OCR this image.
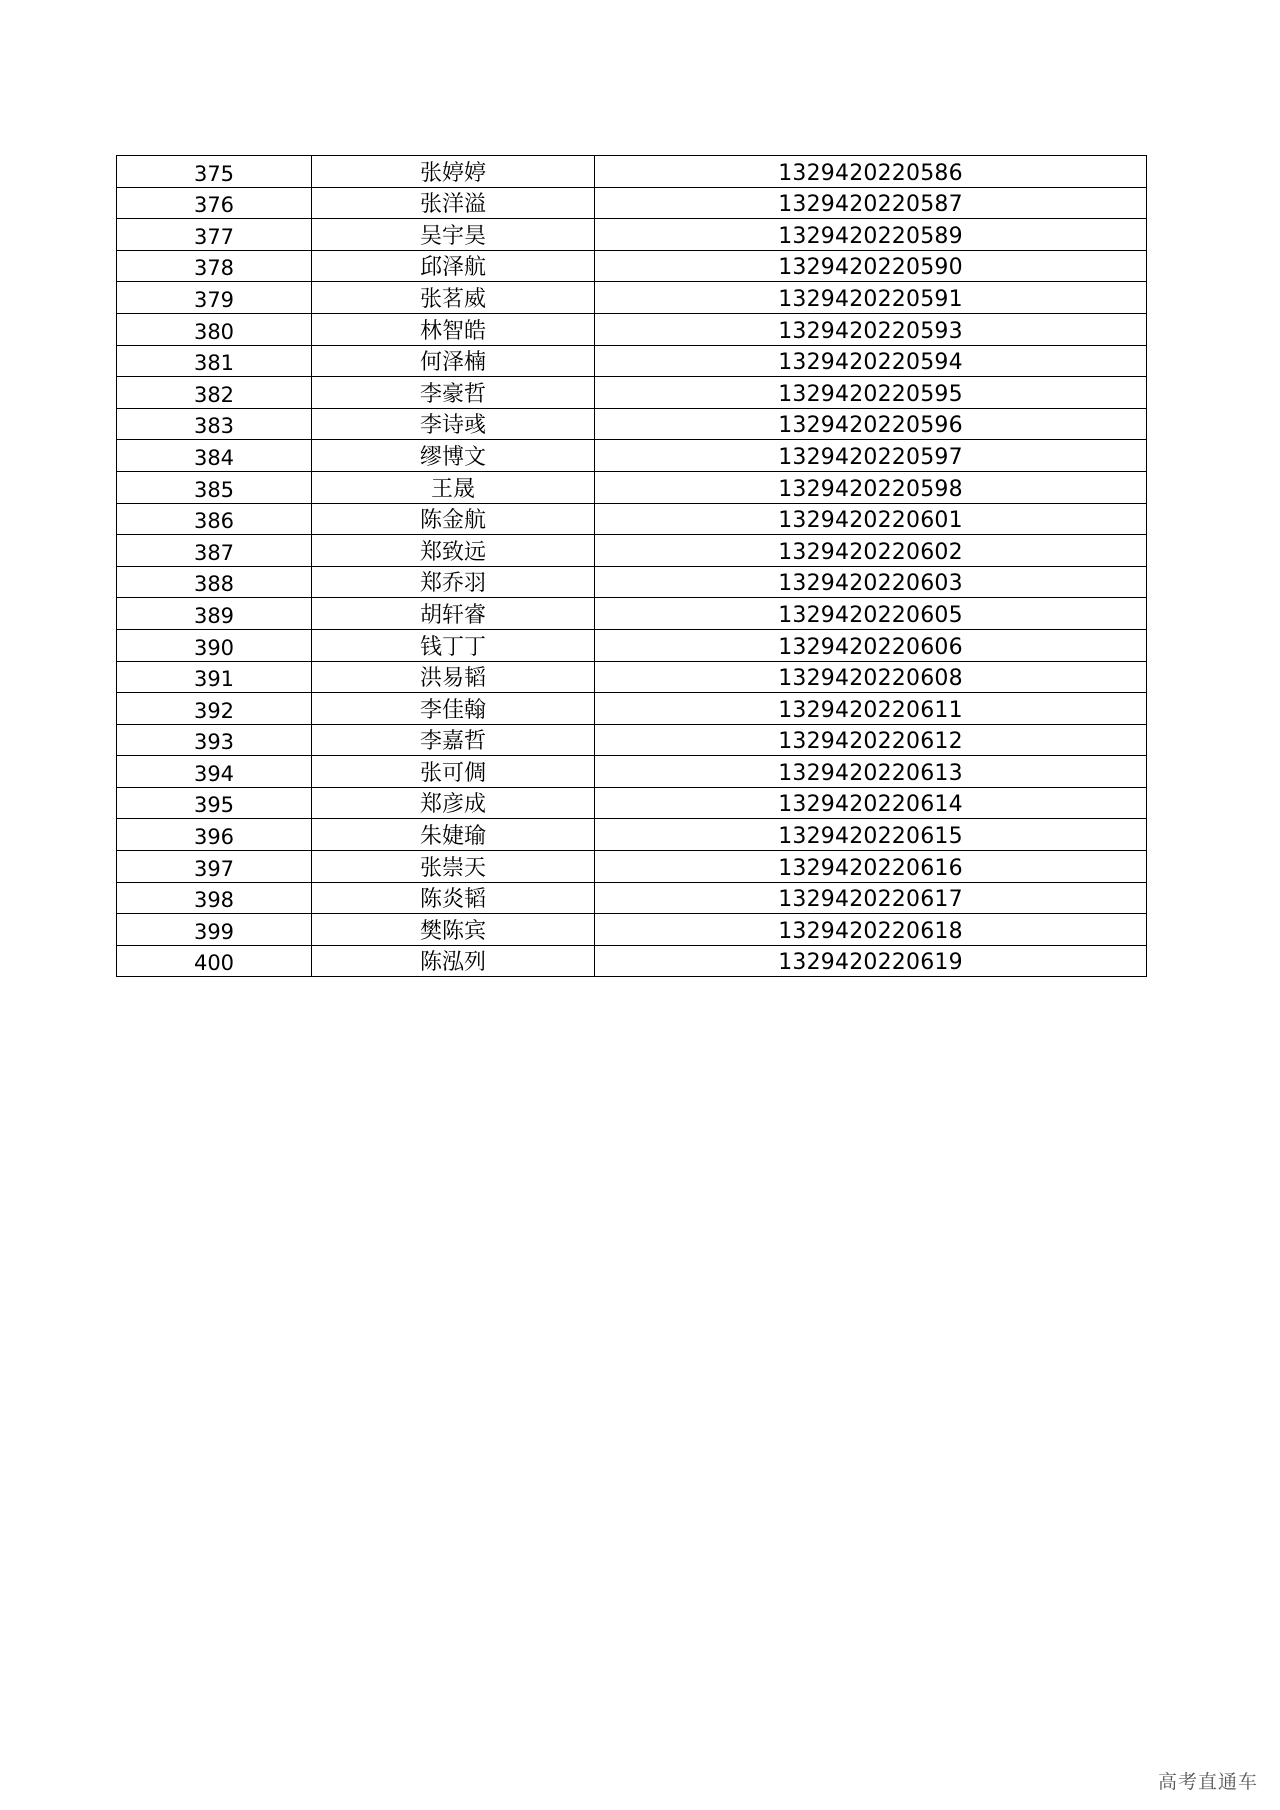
375	张婷婷	1329420220586
376	张洋溢	1329420220587
377	吴宇昊	1329420220589
378	邱泽航	1329420220590
379	张茗威	1329420220591
380	林智皓	1329420220593
381	何泽楠	1329420220594
382	李豪哲	1329420220595
383	李诗彧	1329420220596
384	缪博文	1329420220597
385	王晟	1329420220598
386	陈金航	1329420220601
387	郑致远	1329420220602
388	郑乔羽	1329420220603
389	胡轩睿	1329420220605
390	钱丁丁	1329420220606
391	洪易韬	1329420220608
392	李佳翰	1329420220611
393	李嘉哲	1329420220612
394	张可倜	1329420220613
395	郑彦成	1329420220614
396	朱婕瑜	1329420220615
397	张崇天	1329420220616
398	陈炎韬	1329420220617
399	樊陈宾	1329420220618
400	陈泓列	1329420220619
高考直通车
